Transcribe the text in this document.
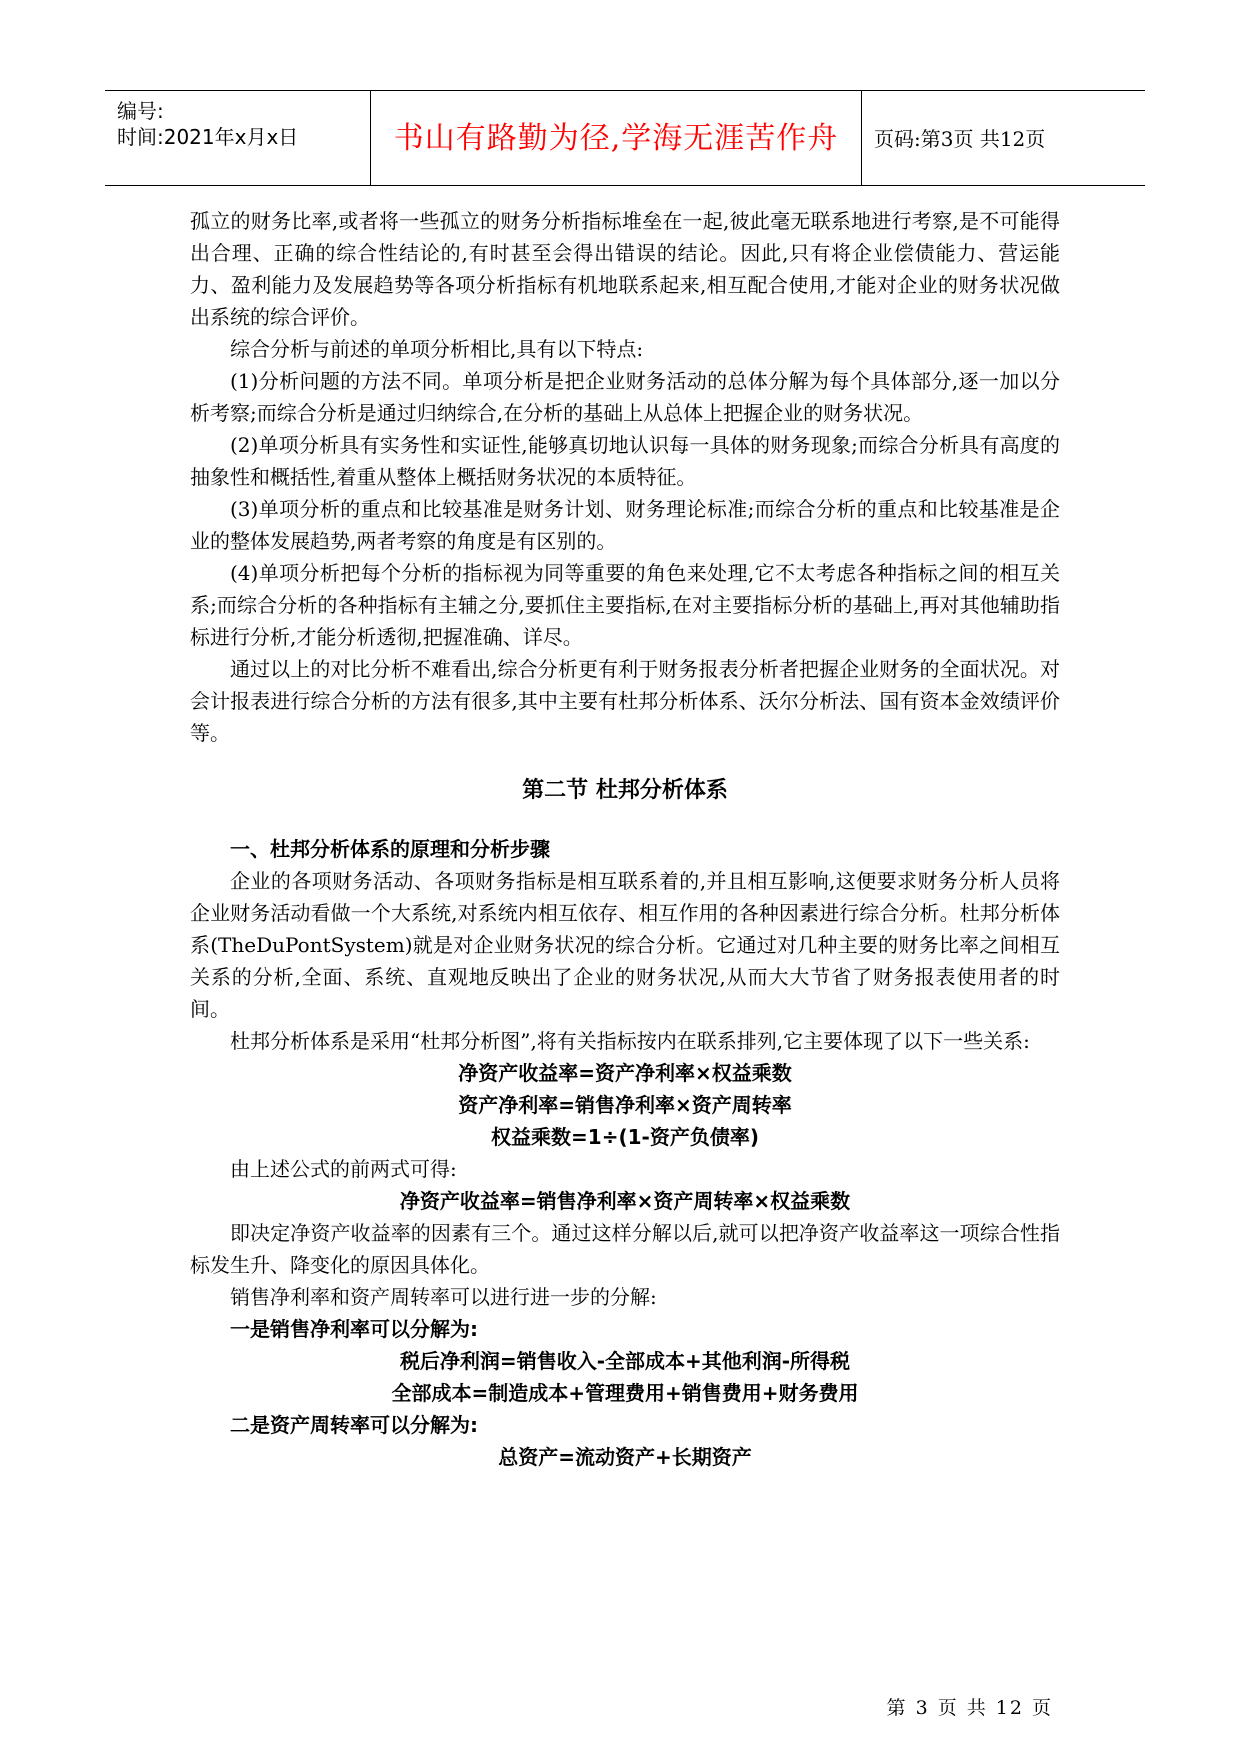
编号:
时间:2021年x月x日	书山有路勤为径,学海无涯苦作舟	页码:第3页 共12页

孤立的财务比率,或者将一些孤立的财务分析指标堆垒在一起,彼此毫无联系地进行考察,是不可能得出合理、正确的综合性结论的,有时甚至会得出错误的结论。因此,只有将企业偿债能力、营运能力、盈利能力及发展趋势等各项分析指标有机地联系起来,相互配合使用,才能对企业的财务状况做出系统的综合评价。

综合分析与前述的单项分析相比,具有以下特点:

(1)分析问题的方法不同。单项分析是把企业财务活动的总体分解为每个具体部分,逐一加以分析考察;而综合分析是通过归纳综合,在分析的基础上从总体上把握企业的财务状况。

(2)单项分析具有实务性和实证性,能够真切地认识每一具体的财务现象;而综合分析具有高度的抽象性和概括性,着重从整体上概括财务状况的本质特征。

(3)单项分析的重点和比较基准是财务计划、财务理论标准;而综合分析的重点和比较基准是企业的整体发展趋势,两者考察的角度是有区别的。

(4)单项分析把每个分析的指标视为同等重要的角色来处理,它不太考虑各种指标之间的相互关系;而综合分析的各种指标有主辅之分,要抓住主要指标,在对主要指标分析的基础上,再对其他辅助指标进行分析,才能分析透彻,把握准确、详尽。

通过以上的对比分析不难看出,综合分析更有利于财务报表分析者把握企业财务的全面状况。对会计报表进行综合分析的方法有很多,其中主要有杜邦分析体系、沃尔分析法、国有资本金效绩评价等。

第二节 杜邦分析体系

一、杜邦分析体系的原理和分析步骤

企业的各项财务活动、各项财务指标是相互联系着的,并且相互影响,这便要求财务分析人员将企业财务活动看做一个大系统,对系统内相互依存、相互作用的各种因素进行综合分析。杜邦分析体系(TheDuPontSystem)就是对企业财务状况的综合分析。它通过对几种主要的财务比率之间相互关系的分析,全面、系统、直观地反映出了企业的财务状况,从而大大节省了财务报表使用者的时间。

杜邦分析体系是采用“杜邦分析图”,将有关指标按内在联系排列,它主要体现了以下一些关系:

净资产收益率=资产净利率×权益乘数

资产净利率=销售净利率×资产周转率

权益乘数=1÷(1-资产负债率)

由上述公式的前两式可得:

净资产收益率=销售净利率×资产周转率×权益乘数

即决定净资产收益率的因素有三个。通过这样分解以后,就可以把净资产收益率这一项综合性指标发生升、降变化的原因具体化。

销售净利率和资产周转率可以进行进一步的分解:

一是销售净利率可以分解为:

税后净利润=销售收入-全部成本+其他利润-所得税

全部成本=制造成本+管理费用+销售费用+财务费用

二是资产周转率可以分解为:

总资产=流动资产+长期资产

第 3 页 共 12 页
